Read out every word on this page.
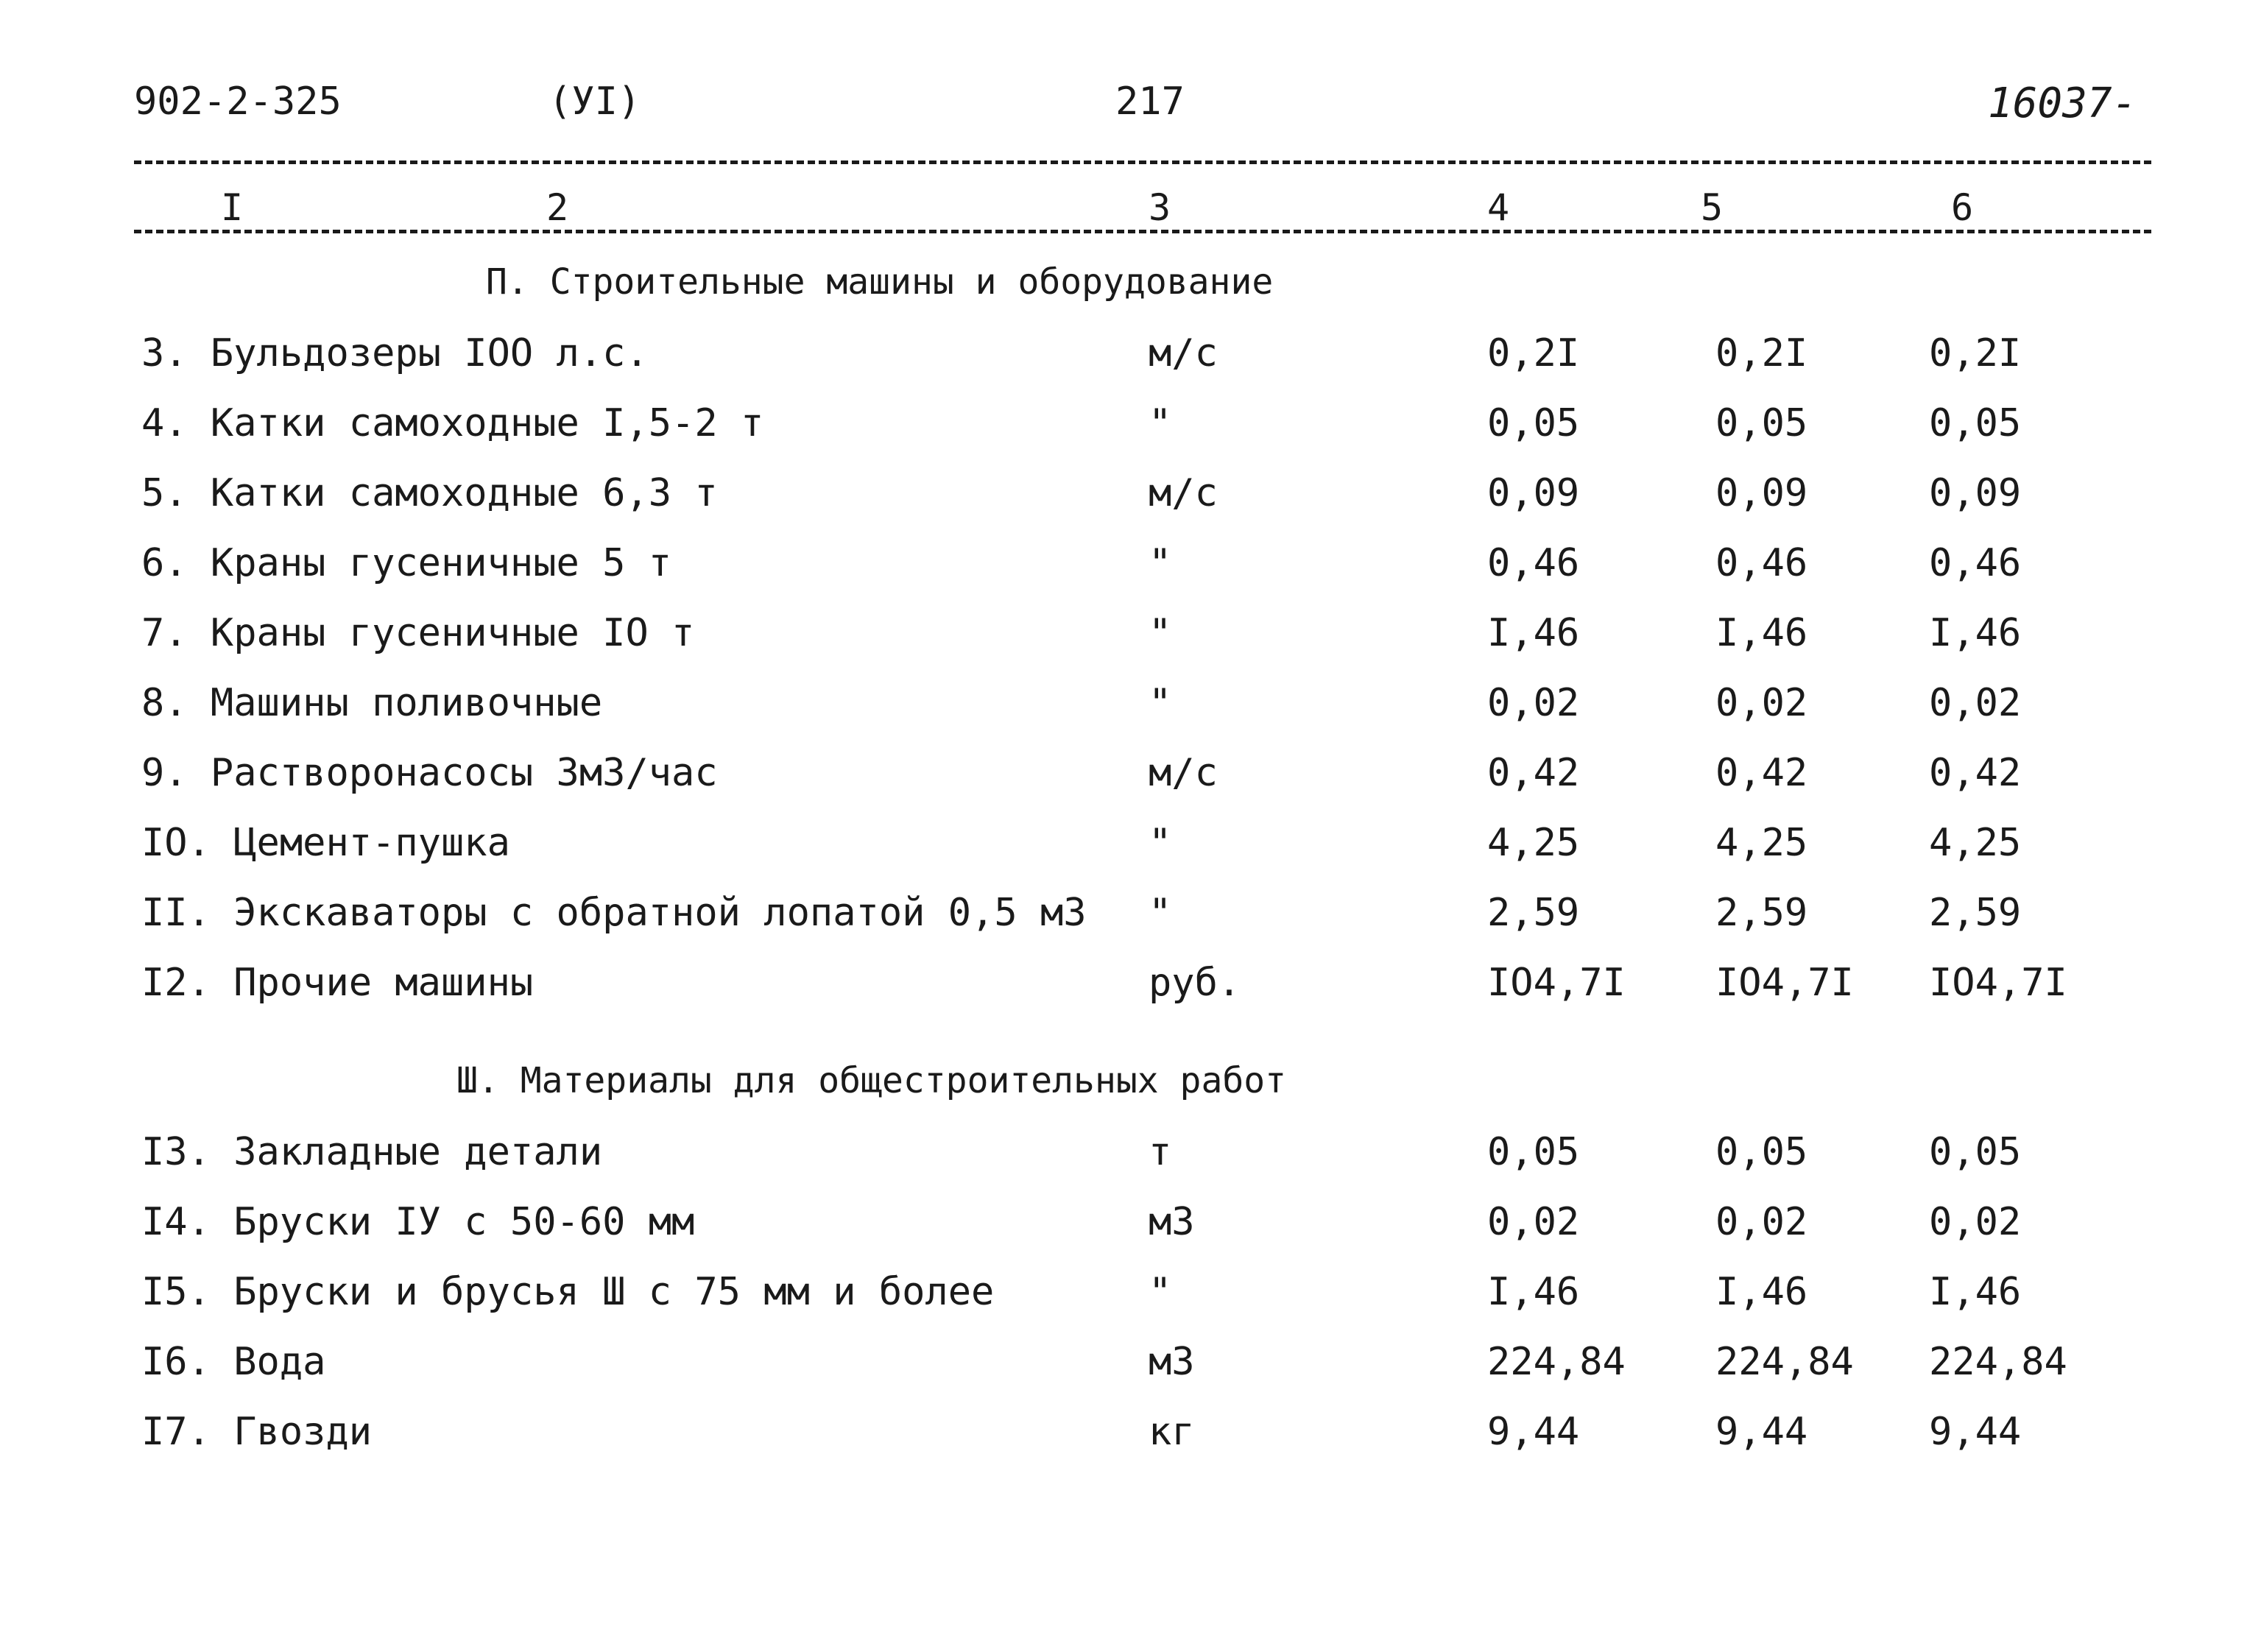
902-2-325	(УI)	217	16037-
I	2	3	4	5	6
П. Строительные машины и оборудование
3. Бульдозеры IOO л.с.	м/с	0,2I	0,2I	0,2I
4. Катки самоходные I,5-2 т	"	0,05	0,05	0,05
5. Катки самоходные 6,3 т	м/с	0,09	0,09	0,09
6. Краны гусеничные 5 т	"	0,46	0,46	0,46
7. Краны гусеничные IO т	"	I,46	I,46	I,46
8. Машины поливочные	"	0,02	0,02	0,02
9. Растворонасосы 3м3/час	м/с	0,42	0,42	0,42
IO. Цемент-пушка	"	4,25	4,25	4,25
II. Экскаваторы с обратной лопатой 0,5 м3 "	2,59	2,59	2,59
I2. Прочие машины	руб.	IO4,7I IO4,7I IO4,7I
Ш. Материалы для общестроительных работ
I3. Закладные детали	т	0,05	0,05	0,05
I4. Бруски IУ с 50-60 мм	м3	0,02	0,02	0,02
I5. Бруски и брусья Ш с 75 мм и более	"	I,46	I,46	I,46
I6. Вода	м3	224,84 224,84 224,84
I7. Гвозди	кг	9,44	9,44	9,44
